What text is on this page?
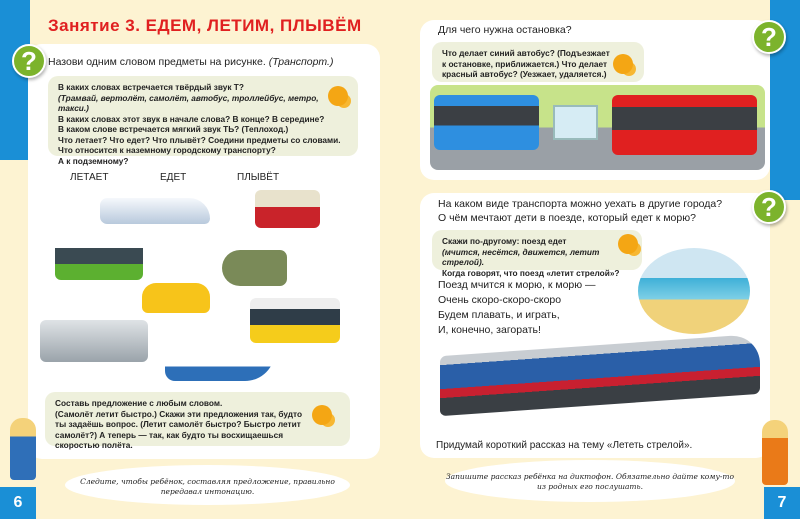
Занятие 3. ЕДЕМ, ЛЕТИМ, ПЛЫВЁМ
?	Назови одним словом предметы на рисунке. (Транспорт.)
В каких словах встречается твёрдый звук Т?
(Трамвай, вертолёт, самолёт, автобус, троллейбус, метро, такси.)
В каких словах этот звук в начале слова? В конце? В середине?
В каком слове встречается мягкий звук ТЬ? (Теплоход.)
Что летает? Что едет? Что плывёт? Соедини предметы со словами.
Что относится к наземному городскому транспорту?
А к подземному?
ЛЕТАЕТ	ЕДЕТ	ПЛЫВЁТ
Составь предложение с любым словом.
(Самолёт летит быстро.) Скажи эти предложения так, будто
ты задаёшь вопрос. (Летит самолёт быстро? Быстро летит
самолёт?) А теперь — так, как будто ты восхищаешься
скоростью полёта.
Следите, чтобы ребёнок, составляя предложение, правильно передавал интонацию.
6
?
Для чего нужна остановка?
Что делает синий автобус? (Подъезжает
к остановке, приближается.) Что делает
красный автобус? (Уезжает, удаляется.)
?
На каком виде транспорта можно уехать в другие города?
О чём мечтают дети в поезде, который едет к морю?
Скажи по-другому: поезд едет
(мчится, несётся, движется, летит стрелой).
Когда говорят, что поезд «летит стрелой»?
Поезд мчится к морю, к морю —
Очень скоро-скоро-скоро
Будем плавать, и играть,
И, конечно, загорать!
Придумай короткий рассказ на тему «Лететь стрелой».
Запишите рассказ ребёнка на диктофон. Обязательно дайте кому-то из родных его послушать.
7
